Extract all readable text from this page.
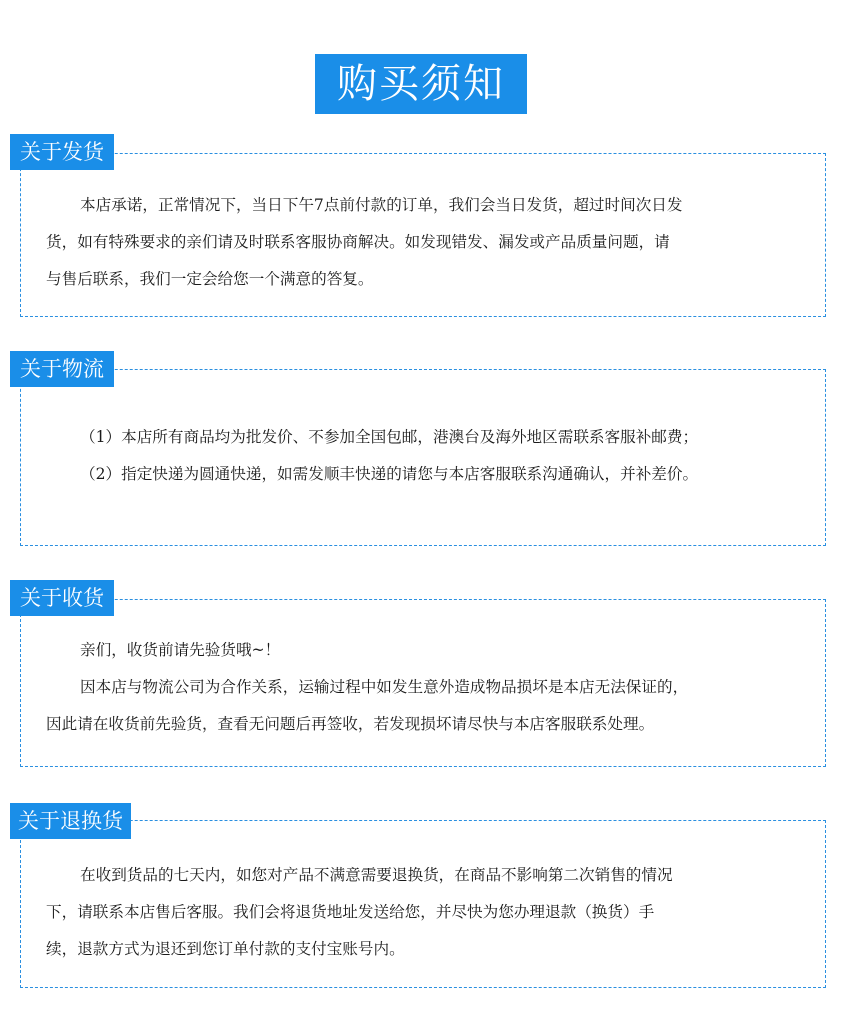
购买须知
关于发货
本店承诺，正常情况下，当日下午7点前付款的订单，我们会当日发货，超过时间次日发
货，如有特殊要求的亲们请及时联系客服协商解决。如发现错发、漏发或产品质量问题，请
与售后联系，我们一定会给您一个满意的答复。
关于物流
（1）本店所有商品均为批发价、不参加全国包邮，港澳台及海外地区需联系客服补邮费；
（2）指定快递为圆通快递，如需发顺丰快递的请您与本店客服联系沟通确认，并补差价。
关于收货
亲们，收货前请先验货哦~！
因本店与物流公司为合作关系，运输过程中如发生意外造成物品损坏是本店无法保证的，
因此请在收货前先验货，查看无问题后再签收，若发现损坏请尽快与本店客服联系处理。
关于退换货
在收到货品的七天内，如您对产品不满意需要退换货，在商品不影响第二次销售的情况
下，请联系本店售后客服。我们会将退货地址发送给您，并尽快为您办理退款（换货）手
续，退款方式为退还到您订单付款的支付宝账号内。
